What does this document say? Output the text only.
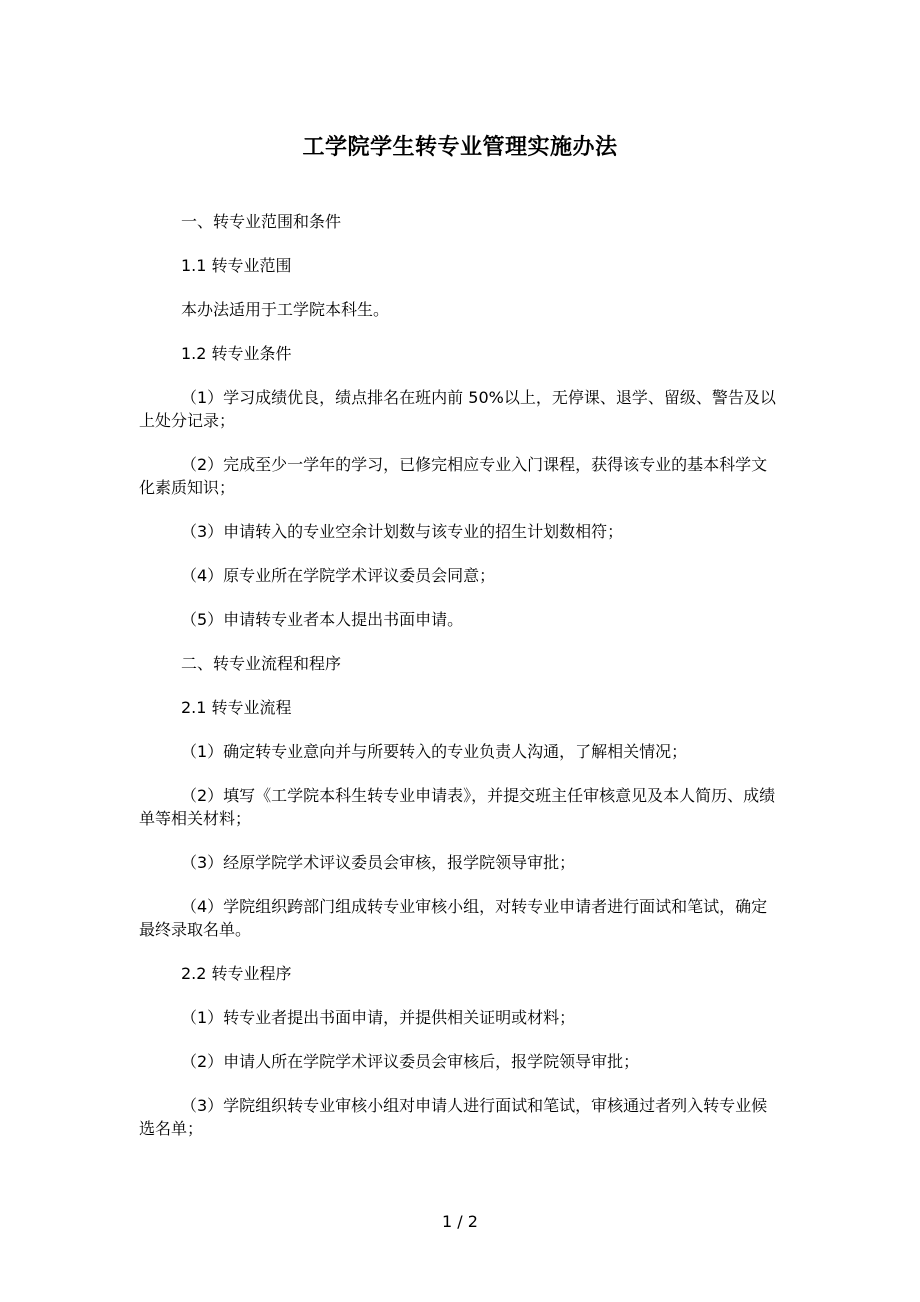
工学院学生转专业管理实施办法

一、转专业范围和条件

1.1 转专业范围

本办法适用于工学院本科生。

1.2 转专业条件

（1）学习成绩优良，绩点排名在班内前 50%以上，无停课、退学、留级、警告及以上处分记录；

（2）完成至少一学年的学习，已修完相应专业入门课程，获得该专业的基本科学文化素质知识；

（3）申请转入的专业空余计划数与该专业的招生计划数相符；

（4）原专业所在学院学术评议委员会同意；

（5）申请转专业者本人提出书面申请。

二、转专业流程和程序

2.1 转专业流程

（1）确定转专业意向并与所要转入的专业负责人沟通，了解相关情况；

（2）填写《工学院本科生转专业申请表》，并提交班主任审核意见及本人简历、成绩单等相关材料；

（3）经原学院学术评议委员会审核，报学院领导审批；

（4）学院组织跨部门组成转专业审核小组，对转专业申请者进行面试和笔试，确定最终录取名单。

2.2 转专业程序

（1）转专业者提出书面申请，并提供相关证明或材料；

（2）申请人所在学院学术评议委员会审核后，报学院领导审批；

（3）学院组织转专业审核小组对申请人进行面试和笔试，审核通过者列入转专业候选名单；

1 / 2
